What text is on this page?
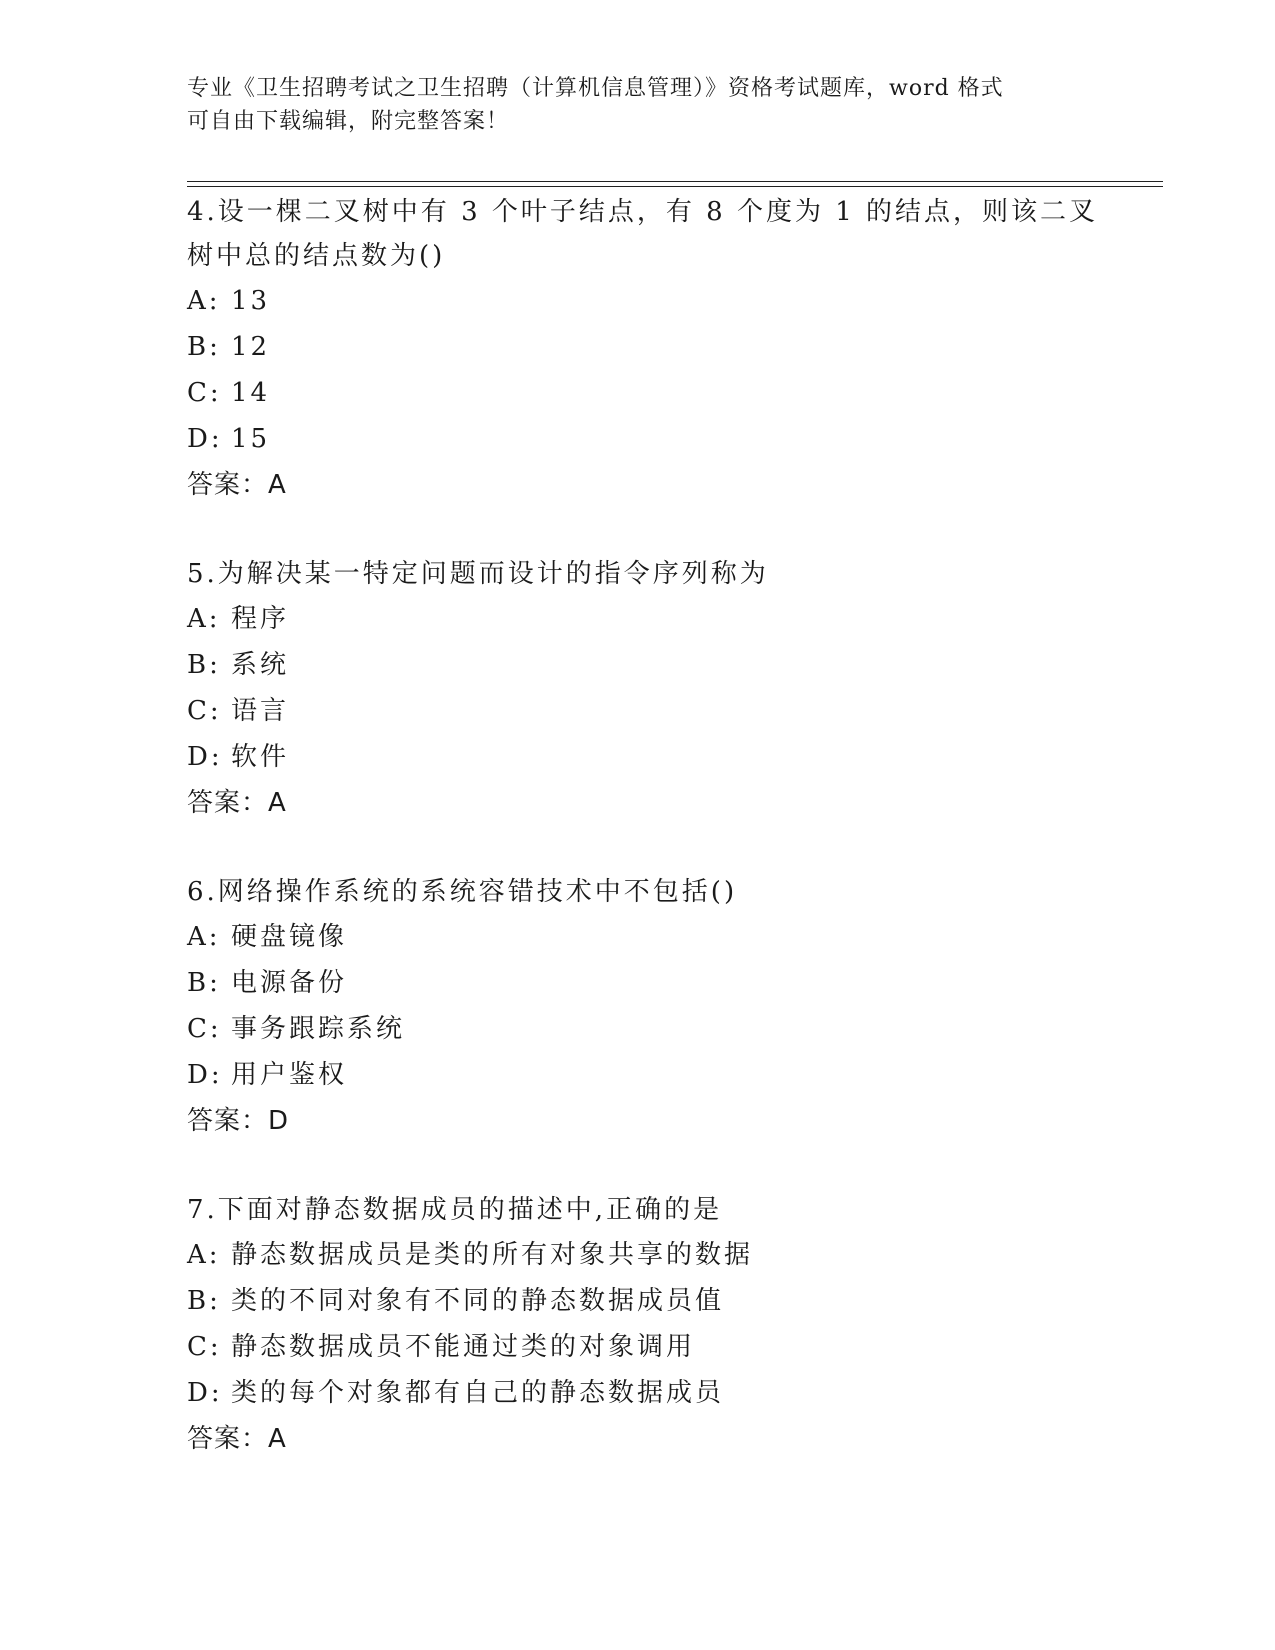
专业《卫生招聘考试之卫生招聘（计算机信息管理）》资格考试题库，word 格式
可自由下载编辑，附完整答案！
4.设一棵二叉树中有 3 个叶子结点，有 8 个度为 1 的结点，则该二叉
树中总的结点数为()
A: 13
B: 12
C: 14
D: 15
答案：A
5.为解决某一特定问题而设计的指令序列称为
A: 程序
B: 系统
C: 语言
D: 软件
答案：A
6.网络操作系统的系统容错技术中不包括()
A: 硬盘镜像
B: 电源备份
C: 事务跟踪系统
D: 用户鉴权
答案：D
7.下面对静态数据成员的描述中,正确的是
A: 静态数据成员是类的所有对象共享的数据
B: 类的不同对象有不同的静态数据成员值
C: 静态数据成员不能通过类的对象调用
D: 类的每个对象都有自己的静态数据成员
答案：A
